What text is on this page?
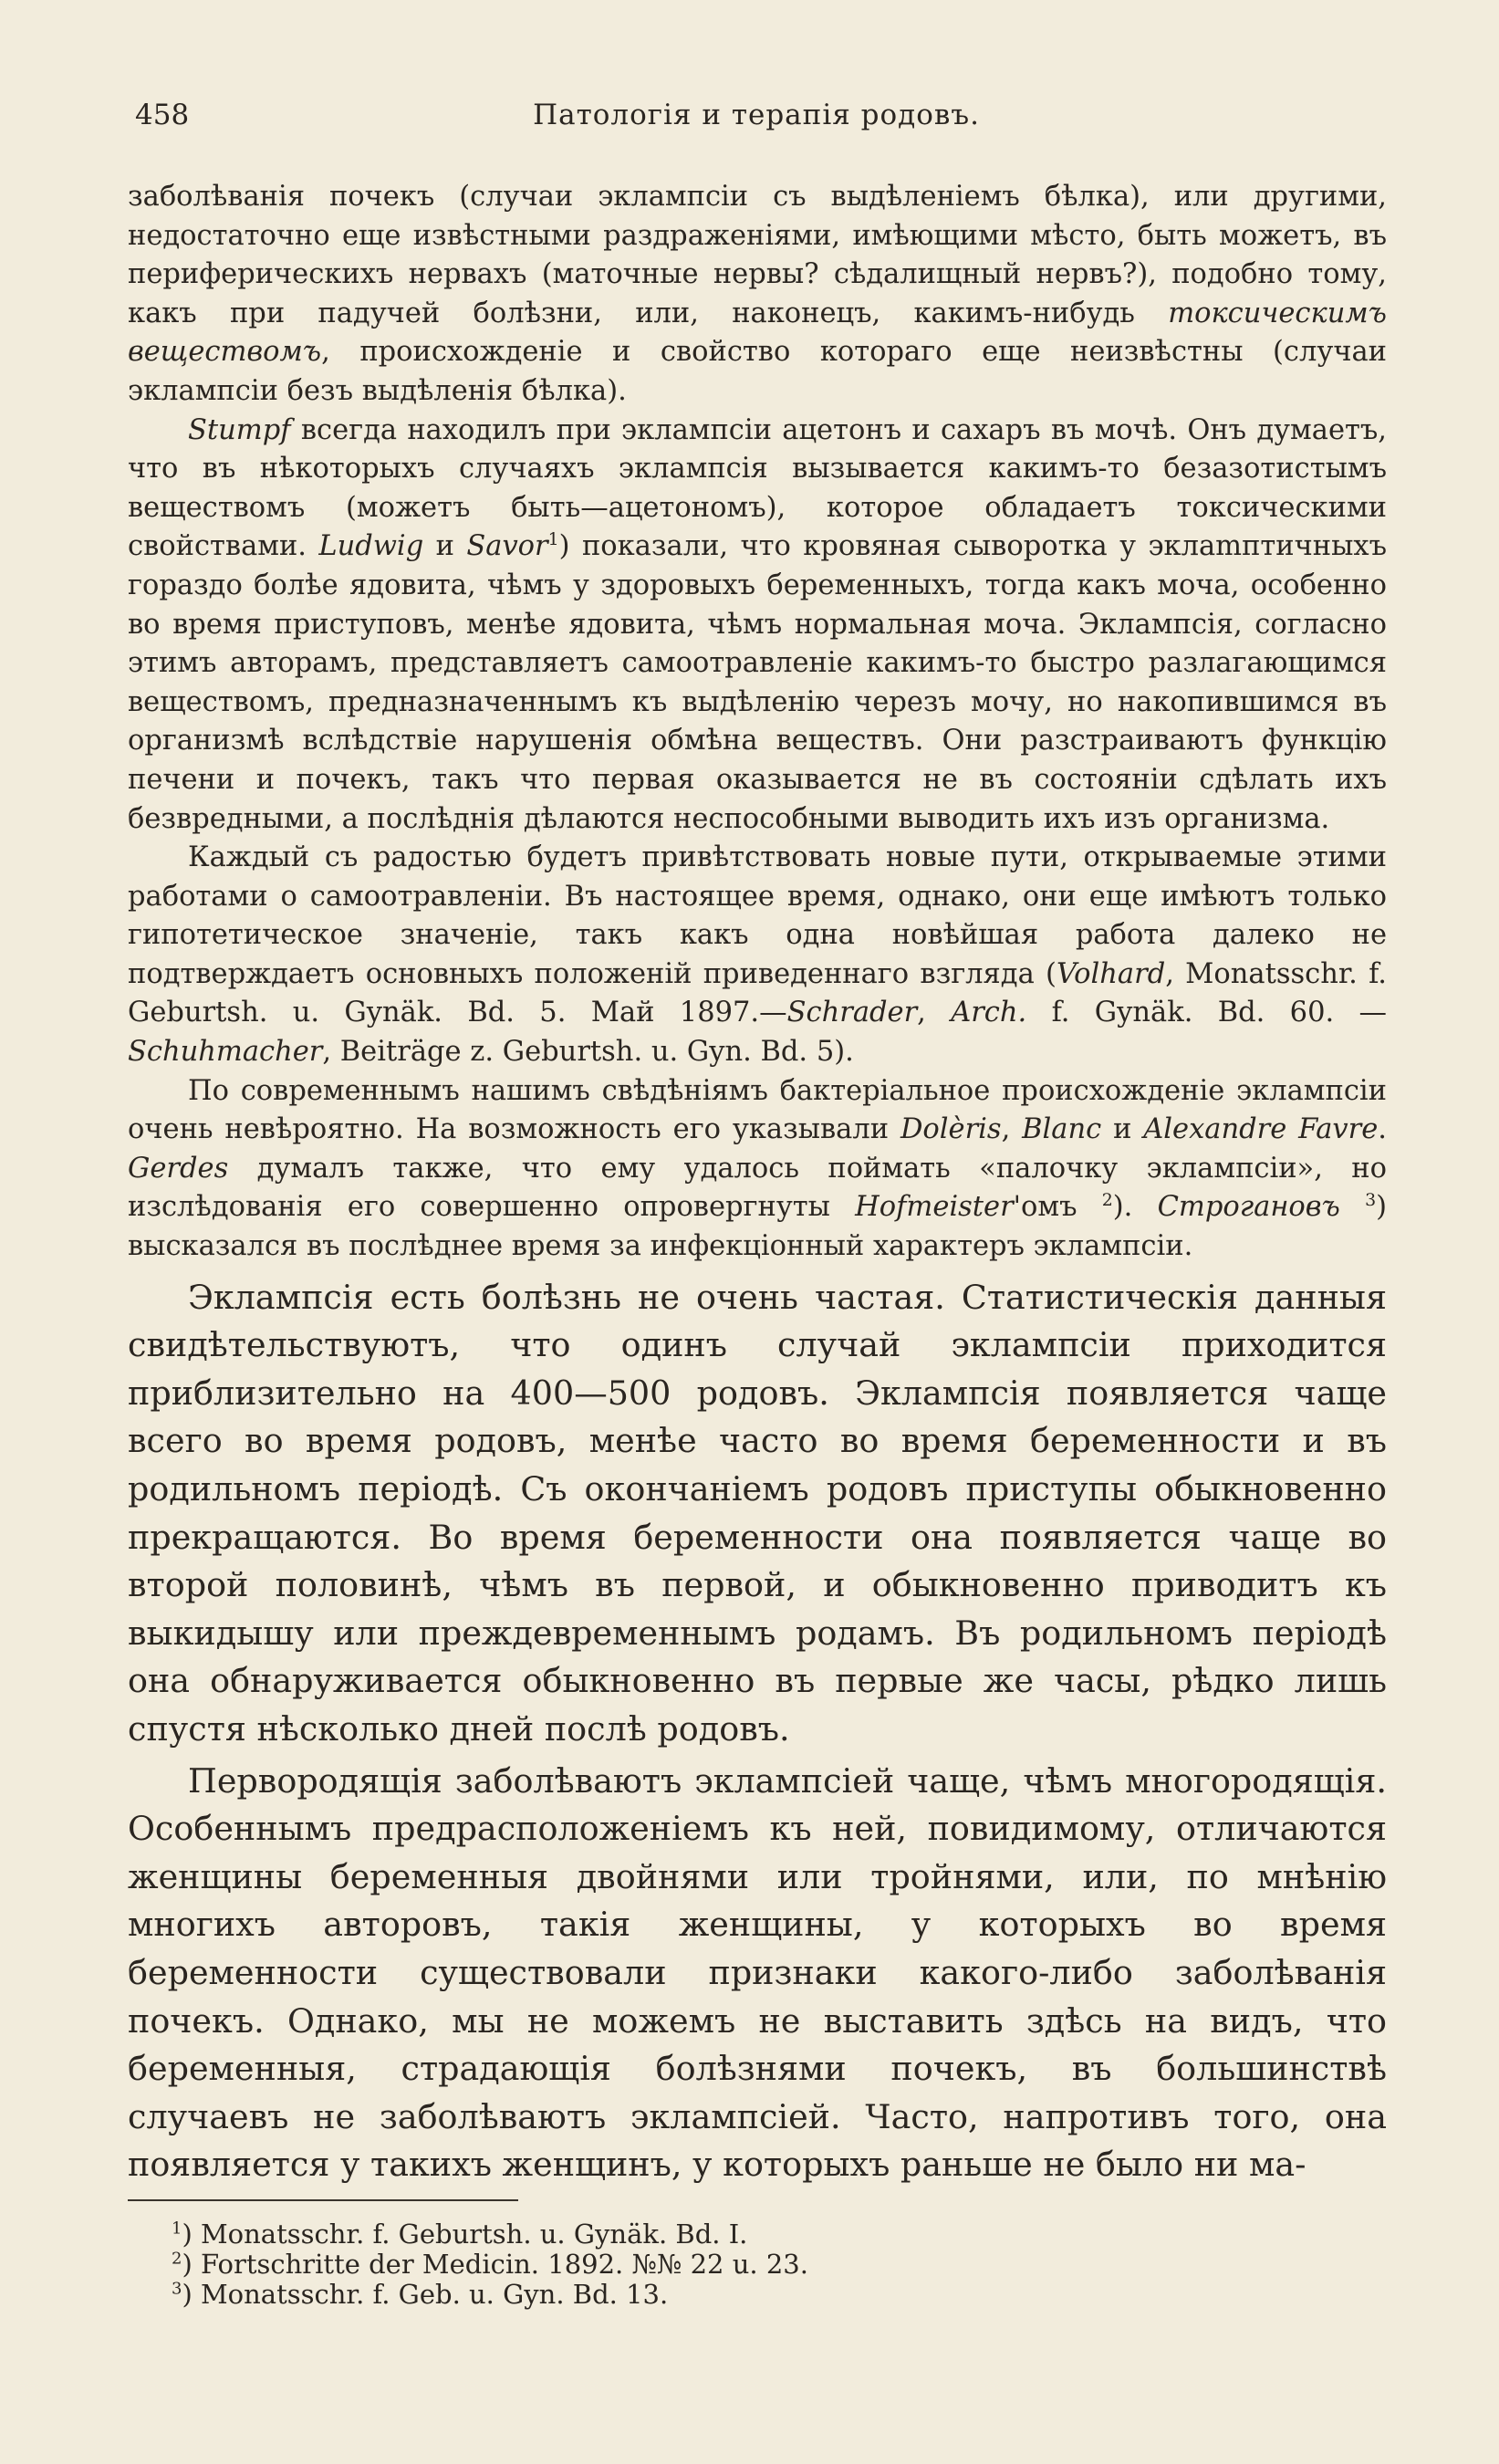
458	Патологія и терапія родовъ.

заболѣванія почекъ (случаи эклампсіи съ выдѣленіемъ бѣлка), или другими, недостаточно еще извѣстными раздраженіями, имѣющими мѣсто, быть можетъ, въ периферическихъ нервахъ (маточные нервы? сѣдалищный нервъ?), подобно тому, какъ при падучей болѣзни, или, наконецъ, какимъ-нибудь токсическимъ веществомъ, происхожденіе и свойство котораго еще неизвѣстны (случаи эклампсіи безъ выдѣленія бѣлка).

Stumpf всегда находилъ при эклампсіи ацетонъ и сахаръ въ мочѣ. Онъ думаетъ, что въ нѣкоторыхъ случаяхъ эклампсія вызывается какимъ-то безазотистымъ веществомъ (можетъ быть—ацетономъ), которое обладаетъ токсическими свойствами. Ludwig и Savor$^1$) показали, что кровяная сыворотка у эклamптичныхъ гораздо болѣе ядовита, чѣмъ у здоровыхъ беременныхъ, тогда какъ моча, особенно во время приступовъ, менѣе ядовита, чѣмъ нормальная моча. Эклампсія, согласно этимъ авторамъ, представляетъ самоотравленіе какимъ-то быстро разлагающимся веществомъ, предназначеннымъ къ выдѣленію черезъ мочу, но накопившимся въ организмѣ вслѣдствіе нарушенія обмѣна веществъ. Они разстраиваютъ функцію печени и почекъ, такъ что первая оказывается не въ состояніи сдѣлать ихъ безвредными, а послѣднія дѣлаются неспособными выводить ихъ изъ организма.

Каждый съ радостью будетъ привѣтствовать новые пути, открываемые этими работами о самоотравленіи. Въ настоящее время, однако, они еще имѣютъ только гипотетическое значеніе, такъ какъ одна новѣйшая работа далеко не подтверждаетъ основныхъ положеній приведеннаго взгляда (Volhard, Monatsschr. f. Geburtsh. u. Gynäk. Bd. 5. Май 1897.—Schrader, Arch. f. Gynäk. Bd. 60. — Schuhmacher, Beiträge z. Geburtsh. u. Gyn. Bd. 5).

По современнымъ нашимъ свѣдѣніямъ бактеріальное происхожденіе эклампсіи очень невѣроятно. На возможность его указывали Dolèris, Blanc и Alexandre Favre. Gerdes думалъ также, что ему удалось поймать «палочку эклампсіи», но изслѣдованія его совершенно опровергнуты Hofmeister'омъ $^2$). Строгановъ $^3$) высказался въ послѣднее время за инфекціонный характеръ эклампсіи.

Эклампсія есть болѣзнь не очень частая. Статистическія данныя свидѣтельствуютъ, что одинъ случай эклампсіи приходится приблизительно на 400—500 родовъ. Эклампсія появляется чаще всего во время родовъ, менѣе часто во время беременности и въ родильномъ періодѣ. Съ окончаніемъ родовъ приступы обыкновенно прекращаются. Во время беременности она появляется чаще во второй половинѣ, чѣмъ въ первой, и обыкновенно приводитъ къ выкидышу или преждевременнымъ родамъ. Въ родильномъ періодѣ она обнаруживается обыкновенно въ первые же часы, рѣдко лишь спустя нѣсколько дней послѣ родовъ.

Первородящія заболѣваютъ эклампсіей чаще, чѣмъ многородящія. Особеннымъ предрасположеніемъ къ ней, повидимому, отличаются женщины беременныя двойнями или тройнями, или, по мнѣнію многихъ авторовъ, такія женщины, у которыхъ во время беременности существовали признаки какого-либо заболѣванія почекъ. Однако, мы не можемъ не выставить здѣсь на видъ, что беременныя, страдающія болѣзнями почекъ, въ большинствѣ случаевъ не заболѣваютъ эклампсіей. Часто, напротивъ того, она появляется у такихъ женщинъ, у которыхъ раньше не было ни ма-

$^1$) Monatsschr. f. Geburtsh. u. Gynäk. Bd. I.
$^2$) Fortschritte der Medicin. 1892. №№ 22 u. 23.
$^3$) Monatsschr. f. Geb. u. Gyn. Bd. 13.
